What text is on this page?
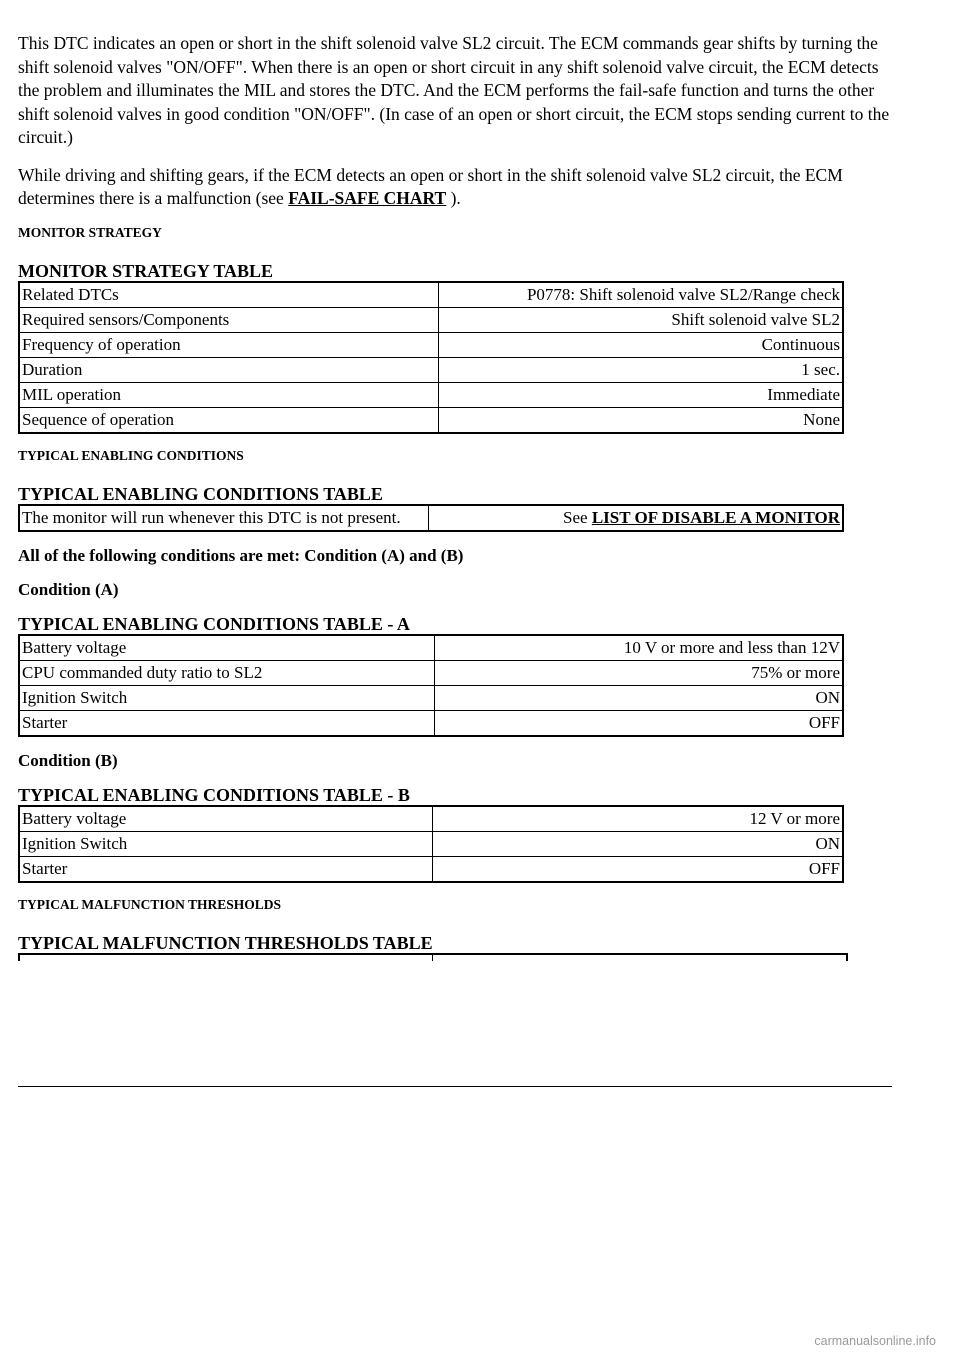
This DTC indicates an open or short in the shift solenoid valve SL2 circuit. The ECM commands gear shifts by turning the shift solenoid valves "ON/OFF". When there is an open or short circuit in any shift solenoid valve circuit, the ECM detects the problem and illuminates the MIL and stores the DTC. And the ECM performs the fail-safe function and turns the other shift solenoid valves in good condition "ON/OFF". (In case of an open or short circuit, the ECM stops sending current to the circuit.)

While driving and shifting gears, if the ECM detects an open or short in the shift solenoid valve SL2 circuit, the ECM determines there is a malfunction (see FAIL-SAFE CHART ).

MONITOR STRATEGY
MONITOR STRATEGY TABLE
Related DTCs	P0778: Shift solenoid valve SL2/Range check
Required sensors/Components	Shift solenoid valve SL2
Frequency of operation	Continuous
Duration	1 sec.
MIL operation	Immediate
Sequence of operation	None
TYPICAL ENABLING CONDITIONS
TYPICAL ENABLING CONDITIONS TABLE
The monitor will run whenever this DTC is not present.	See LIST OF DISABLE A MONITOR
All of the following conditions are met: Condition (A) and (B)
Condition (A)
TYPICAL ENABLING CONDITIONS TABLE - A
Battery voltage	10 V or more and less than 12V
CPU commanded duty ratio to SL2	75% or more
Ignition Switch	ON
Starter	OFF
Condition (B)
TYPICAL ENABLING CONDITIONS TABLE - B
Battery voltage	12 V or more
Ignition Switch	ON
Starter	OFF
TYPICAL MALFUNCTION THRESHOLDS
TYPICAL MALFUNCTION THRESHOLDS TABLE
carmanualsonline.info
